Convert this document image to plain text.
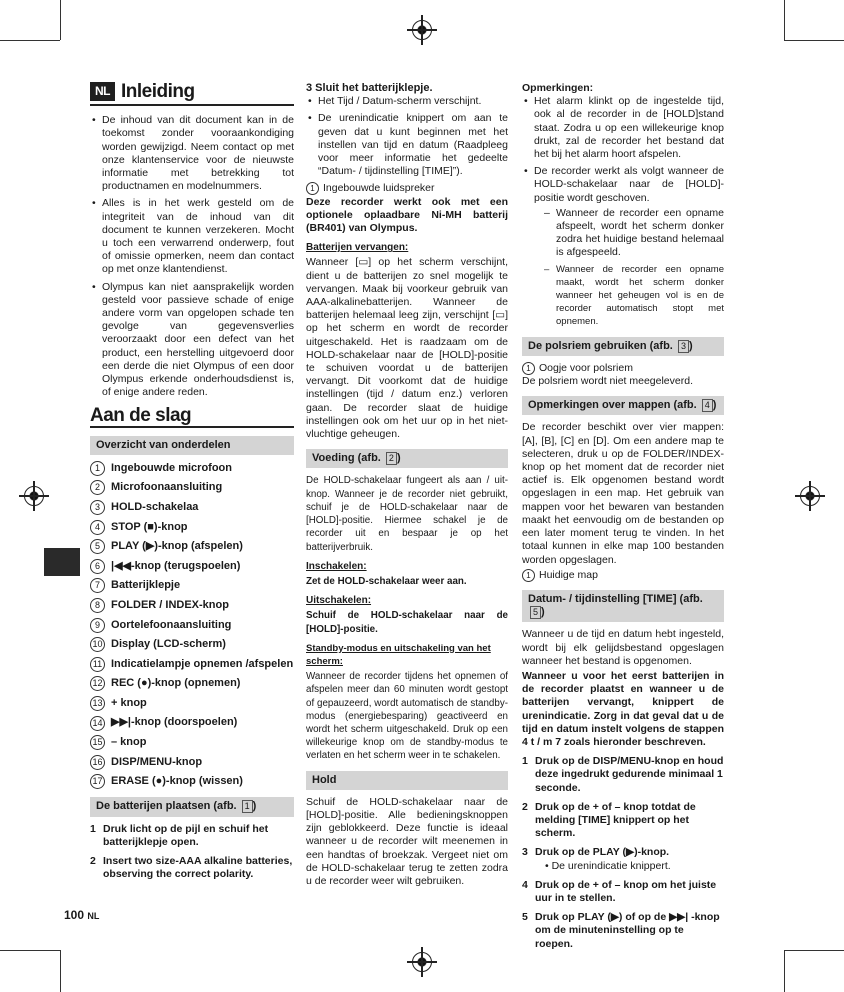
NL Inleiding
• De inhoud van dit document kan in de toekomst zonder vooraankondiging worden gewijzigd. Neem contact op met onze klantenservice voor de nieuwste informatie met betrekking tot productnamen en modelnummers.
• Alles is in het werk gesteld om de integriteit van de inhoud van dit document te kunnen verzekeren. Mocht u toch een verwarrend onderwerp, fout of omissie opmerken, neem dan contact op met onze klantendienst.
• Olympus kan niet aansprakelijk worden gesteld voor passieve schade of enige andere vorm van opgelopen schade ten gevolge van gegevensverlies veroorzaakt door een defect van het product, een herstelling uitgevoerd door een derde die niet Olympus of een door Olympus erkende onderhoudsdienst is, of enige andere reden.
Aan de slag
Overzicht van onderdelen
1	Ingebouwde microfoon
2	Microfoonaansluiting
3	HOLD-schakelaa
4	STOP (■)-knop
5	PLAY (▶)-knop (afspelen)
6	|◀◀-knop (terugspoelen)
7	Batterijklepje
8	FOLDER / INDEX-knop
9	Oortelefoonaansluiting
10 Display (LCD-scherm)
11 Indicatielampje opnemen /afspelen
12 REC (●)-knop (opnemen)
13 + knop
14 ▶▶|-knop (doorspoelen)
15 – knop
16 DISP/MENU-knop
17 ERASE (●)-knop (wissen)
De batterijen plaatsen (afb. 1 )
1 Druk licht op de pijl en schuif het batterijklepje open.
2 Insert two size-AAA alkaline batteries, observing the correct polarity.
3 Sluit het batterijklepje.
• Het Tijd / Datum-scherm verschijnt.
• De urenindicatie knippert om aan te geven dat u kunt beginnen met het instellen van tijd en datum (Raadpleeg voor meer informatie het gedeelte “Datum- / tijdinstelling [TIME]”).
1 Ingebouwde luidspreker

Deze recorder werkt ook met een optionele oplaadbare Ni-MH batterij (BR401) van Olympus.

Batterijen vervangen:

Wanneer [▭] op het scherm verschijnt, dient u de batterijen zo snel mogelijk te vervangen. Maak bij voorkeur gebruik van AAA-alkalinebatterijen. Wanneer de batterijen helemaal leeg zijn, verschijnt [▭] op het scherm en wordt de recorder uitgeschakeld. Het is raadzaam om de HOLD-schakelaar naar de [HOLD]-positie te schuiven voordat u de batterijen vervangt. Dit voorkomt dat de huidige instellingen (tijd / datum enz.) verloren gaan. De recorder slaat de huidige instellingen ook om het uur op in het niet-vluchtige geheugen.

Voeding (afb. 2 )

De HOLD-schakelaar fungeert als aan / uit-knop. Wanneer je de recorder niet gebruikt, schuif je de HOLD-schakelaar naar de [HOLD]-positie. Hiermee schakel je de recorder uit en bespaar je op het batterijverbruik.

Inschakelen:

Zet de HOLD-schakelaar weer aan.

Uitschakelen:

Schuif de HOLD-schakelaar naar de [HOLD]-positie.

Standby-modus en uitschakeling van het scherm:

Wanneer de recorder tijdens het opnemen of afspelen meer dan 60 minuten wordt gestopt of gepauzeerd, wordt automatisch de standby-modus (energiebesparing) geactiveerd en wordt het scherm uitgeschakeld. Druk op een willekeurige knop om de standby-modus te verlaten en het scherm weer in te schakelen.

Hold

Schuif de HOLD-schakelaar naar de [HOLD]-positie. Alle bedieningsknoppen zijn geblokkeerd. Deze functie is ideaal wanneer u de recorder wilt meenemen in een handtas of broekzak. Vergeet niet om de HOLD-schakelaar terug te zetten zodra u de recorder weer wilt gebruiken.

Opmerkingen:
• Het alarm klinkt op de ingestelde tijd, ook al de recorder in de [HOLD]stand staat. Zodra u op een willekeurige knop drukt, zal de recorder het bestand dat het bij het alarm hoort afspelen.
• De recorder werkt als volgt wanneer de HOLD-schakelaar naar de [HOLD]-positie wordt geschoven.
– Wanneer de recorder een opname afspeelt, wordt het scherm donker zodra het huidige bestand helemaal is afgespeeld.
– Wanneer de recorder een opname maakt, wordt het scherm donker wanneer het geheugen vol is en de recorder automatisch stopt met opnemen.
De polsriem gebruiken (afb. 3 )
1 Oogje voor polsriem

De polsriem wordt niet meegeleverd.

Opmerkingen over mappen (afb. 4 )

De recorder beschikt over vier mappen: [A], [B], [C] en [D]. Om een andere map te selecteren, druk u op de FOLDER/INDEX-knop op het moment dat de recorder niet actief is. Elk opgenomen bestand wordt opgeslagen in een map. Het gebruik van mappen voor het bewaren van bestanden maakt het eenvoudig om de bestanden op een later moment terug te vinden. In het totaal kunnen in elke map 100 bestanden worden opgeslagen.

1 Huidige map
Datum- / tijdinstelling [TIME] (afb. 5 )

Wanneer u de tijd en datum hebt ingesteld, wordt bij elk gelijdsbestand opgeslagen wanneer het bestand is opgenomen.

Wanneer u voor het eerst batterijen in de recorder plaatst en wanneer u de batterijen vervangt, knippert de urenindicatie. Zorg in dat geval dat u de tijd en datum instelt volgens de stappen 4 t / m 7 zoals hieronder beschreven.

1 Druk op de DISP/MENU-knop en houd deze ingedrukt gedurende minimaal 1 seconde.
2 Druk op de + of – knop totdat de melding [TIME] knippert op het scherm.
3 Druk op de PLAY (▶)-knop.
• De urenindicatie knippert.
4 Druk op de + of – knop om het juiste uur in te stellen.
5 Druk op PLAY (▶) of op de ▶▶| -knop om de minuteninstelling op te roepen.
100 NL
